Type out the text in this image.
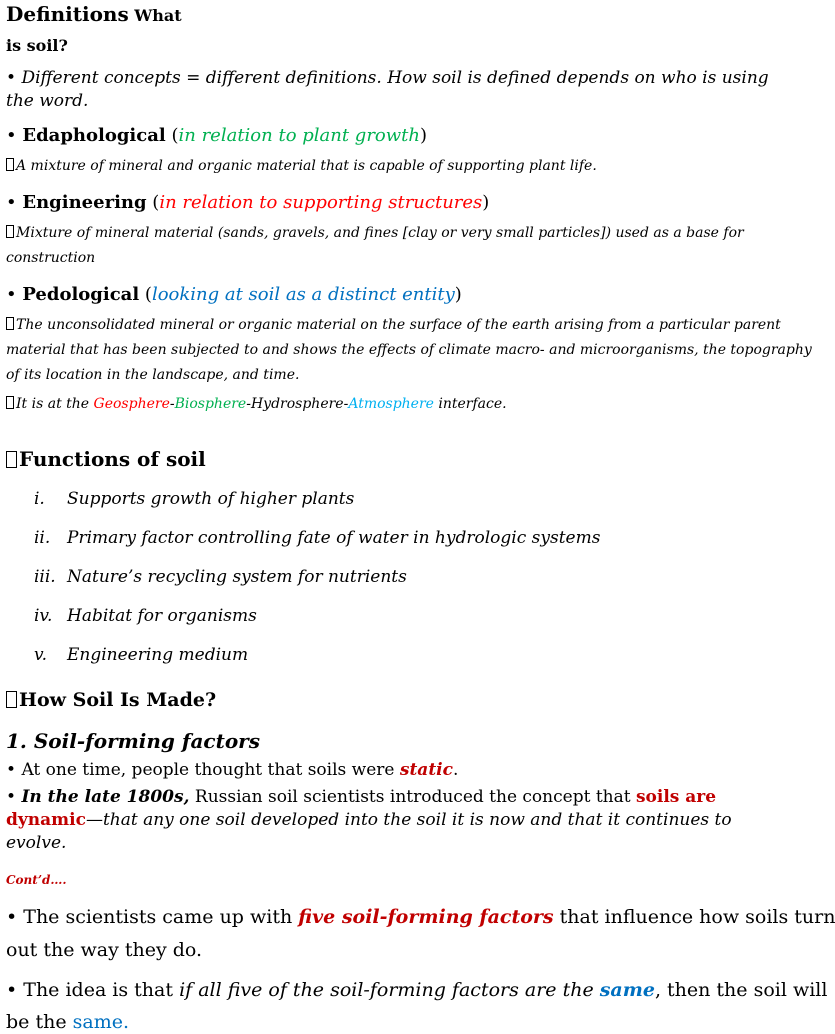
Definitions What
is soil?
• Different concepts = different definitions. How soil is defined depends on who is using
the word.
• Edaphological (in relation to plant growth)
A mixture of mineral and organic material that is capable of supporting plant life.
• Engineering (in relation to supporting structures)
Mixture of mineral material (sands, gravels, and fines [clay or very small particles]) used as a base for
construction
• Pedological (looking at soil as a distinct entity)
The unconsolidated mineral or organic material on the surface of the earth arising from a particular parent
material that has been subjected to and shows the effects of climate macro- and microorganisms, the topography
of its location in the landscape, and time.
It is at the Geosphere-Biosphere-Hydrosphere-Atmosphere interface.
Functions of soil
i. Supports growth of higher plants
ii. Primary factor controlling fate of water in hydrologic systems
iii. Nature’s recycling system for nutrients
iv. Habitat for organisms
v. Engineering medium
How Soil Is Made?
1. Soil-forming factors
• At one time, people thought that soils were static.
• In the late 1800s, Russian soil scientists introduced the concept that soils are
dynamic—that any one soil developed into the soil it is now and that it continues to
evolve.
Cont’d….
• The scientists came up with five soil-forming factors that influence how soils turn
out the way they do.
• The idea is that if all five of the soil-forming factors are the same, then the soil will
be the same.
